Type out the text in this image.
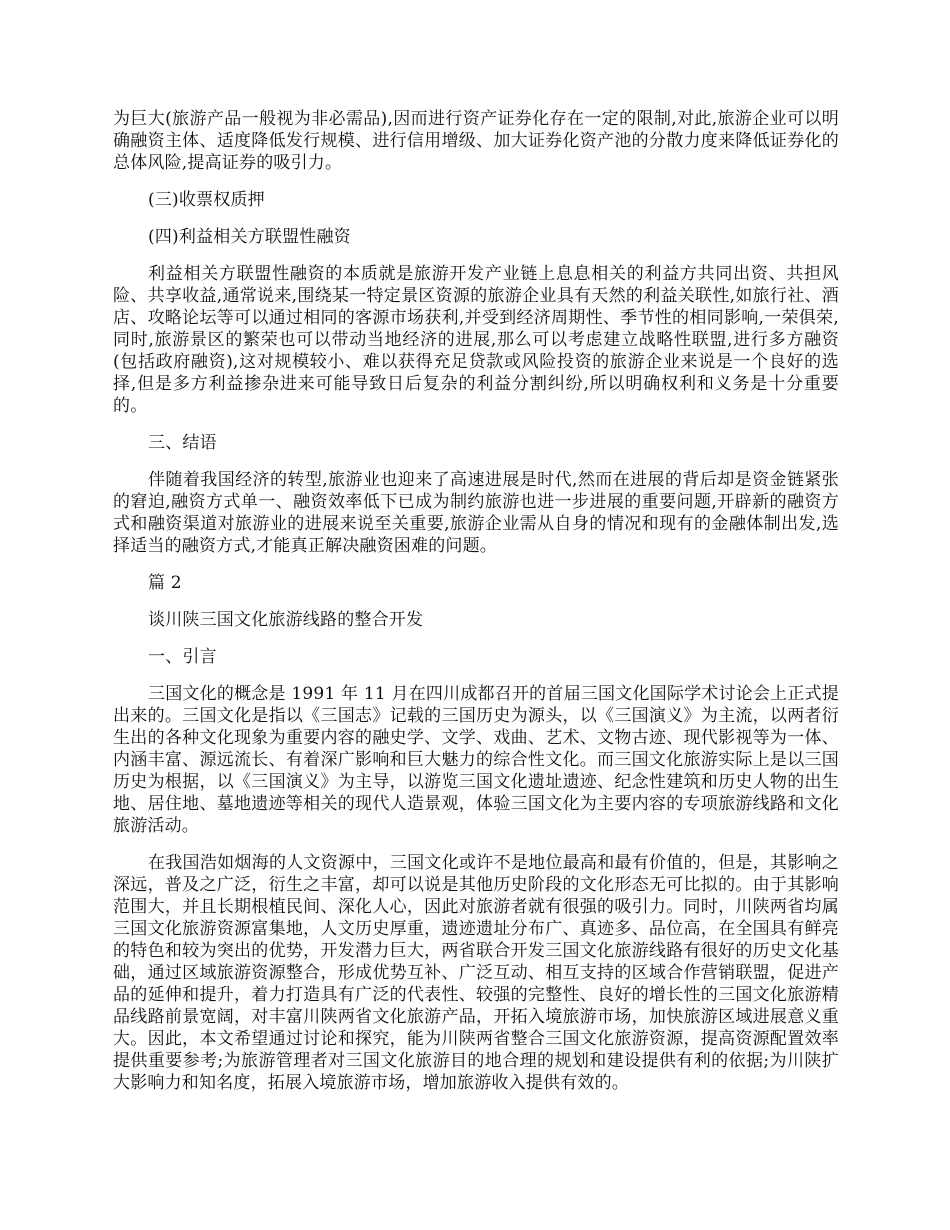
为巨大(旅游产品一般视为非必需品),因而进行资产证券化存在一定的限制,对此,旅游企业可以明确融资主体、适度降低发行规模、进行信用增级、加大证券化资产池的分散力度来降低证券化的总体风险,提高证券的吸引力。

(三)收票权质押

(四)利益相关方联盟性融资

利益相关方联盟性融资的本质就是旅游开发产业链上息息相关的利益方共同出资、共担风险、共享收益,通常说来,围绕某一特定景区资源的旅游企业具有天然的利益关联性,如旅行社、酒店、攻略论坛等可以通过相同的客源市场获利,并受到经济周期性、季节性的相同影响,一荣俱荣,同时,旅游景区的繁荣也可以带动当地经济的进展,那么可以考虑建立战略性联盟,进行多方融资(包括政府融资),这对规模较小、难以获得充足贷款或风险投资的旅游企业来说是一个良好的选择,但是多方利益掺杂进来可能导致日后复杂的利益分割纠纷,所以明确权利和义务是十分重要的。

三、结语

伴随着我国经济的转型,旅游业也迎来了高速进展是时代,然而在进展的背后却是资金链紧张的窘迫,融资方式单一、融资效率低下已成为制约旅游也进一步进展的重要问题,开辟新的融资方式和融资渠道对旅游业的进展来说至关重要,旅游企业需从自身的情况和现有的金融体制出发,选择适当的融资方式,才能真正解决融资困难的问题。

篇 2

谈川陕三国文化旅游线路的整合开发

一、引言

三国文化的概念是 1991 年 11 月在四川成都召开的首届三国文化国际学术讨论会上正式提出来的。三国文化是指以《三国志》记载的三国历史为源头，以《三国演义》为主流，以两者衍生出的各种文化现象为重要内容的融史学、文学、戏曲、艺术、文物古迹、现代影视等为一体、内涵丰富、源远流长、有着深广影响和巨大魅力的综合性文化。而三国文化旅游实际上是以三国历史为根据，以《三国演义》为主导，以游览三国文化遗址遗迹、纪念性建筑和历史人物的出生地、居住地、墓地遗迹等相关的现代人造景观，体验三国文化为主要内容的专项旅游线路和文化旅游活动。

在我国浩如烟海的人文资源中，三国文化或许不是地位最高和最有价值的，但是，其影响之深远，普及之广泛，衍生之丰富，却可以说是其他历史阶段的文化形态无可比拟的。由于其影响范围大，并且长期根植民间、深化人心，因此对旅游者就有很强的吸引力。同时，川陕两省均属三国文化旅游资源富集地，人文历史厚重，遗迹遗址分布广、真迹多、品位高，在全国具有鲜亮的特色和较为突出的优势，开发潜力巨大，两省联合开发三国文化旅游线路有很好的历史文化基础，通过区域旅游资源整合，形成优势互补、广泛互动、相互支持的区域合作营销联盟，促进产品的延伸和提升，着力打造具有广泛的代表性、较强的完整性、良好的增长性的三国文化旅游精品线路前景宽阔，对丰富川陕两省文化旅游产品，开拓入境旅游市场，加快旅游区域进展意义重大。因此，本文希望通过讨论和探究，能为川陕两省整合三国文化旅游资源，提高资源配置效率提供重要参考;为旅游管理者对三国文化旅游目的地合理的规划和建设提供有利的依据;为川陕扩大影响力和知名度，拓展入境旅游市场，增加旅游收入提供有效的。
